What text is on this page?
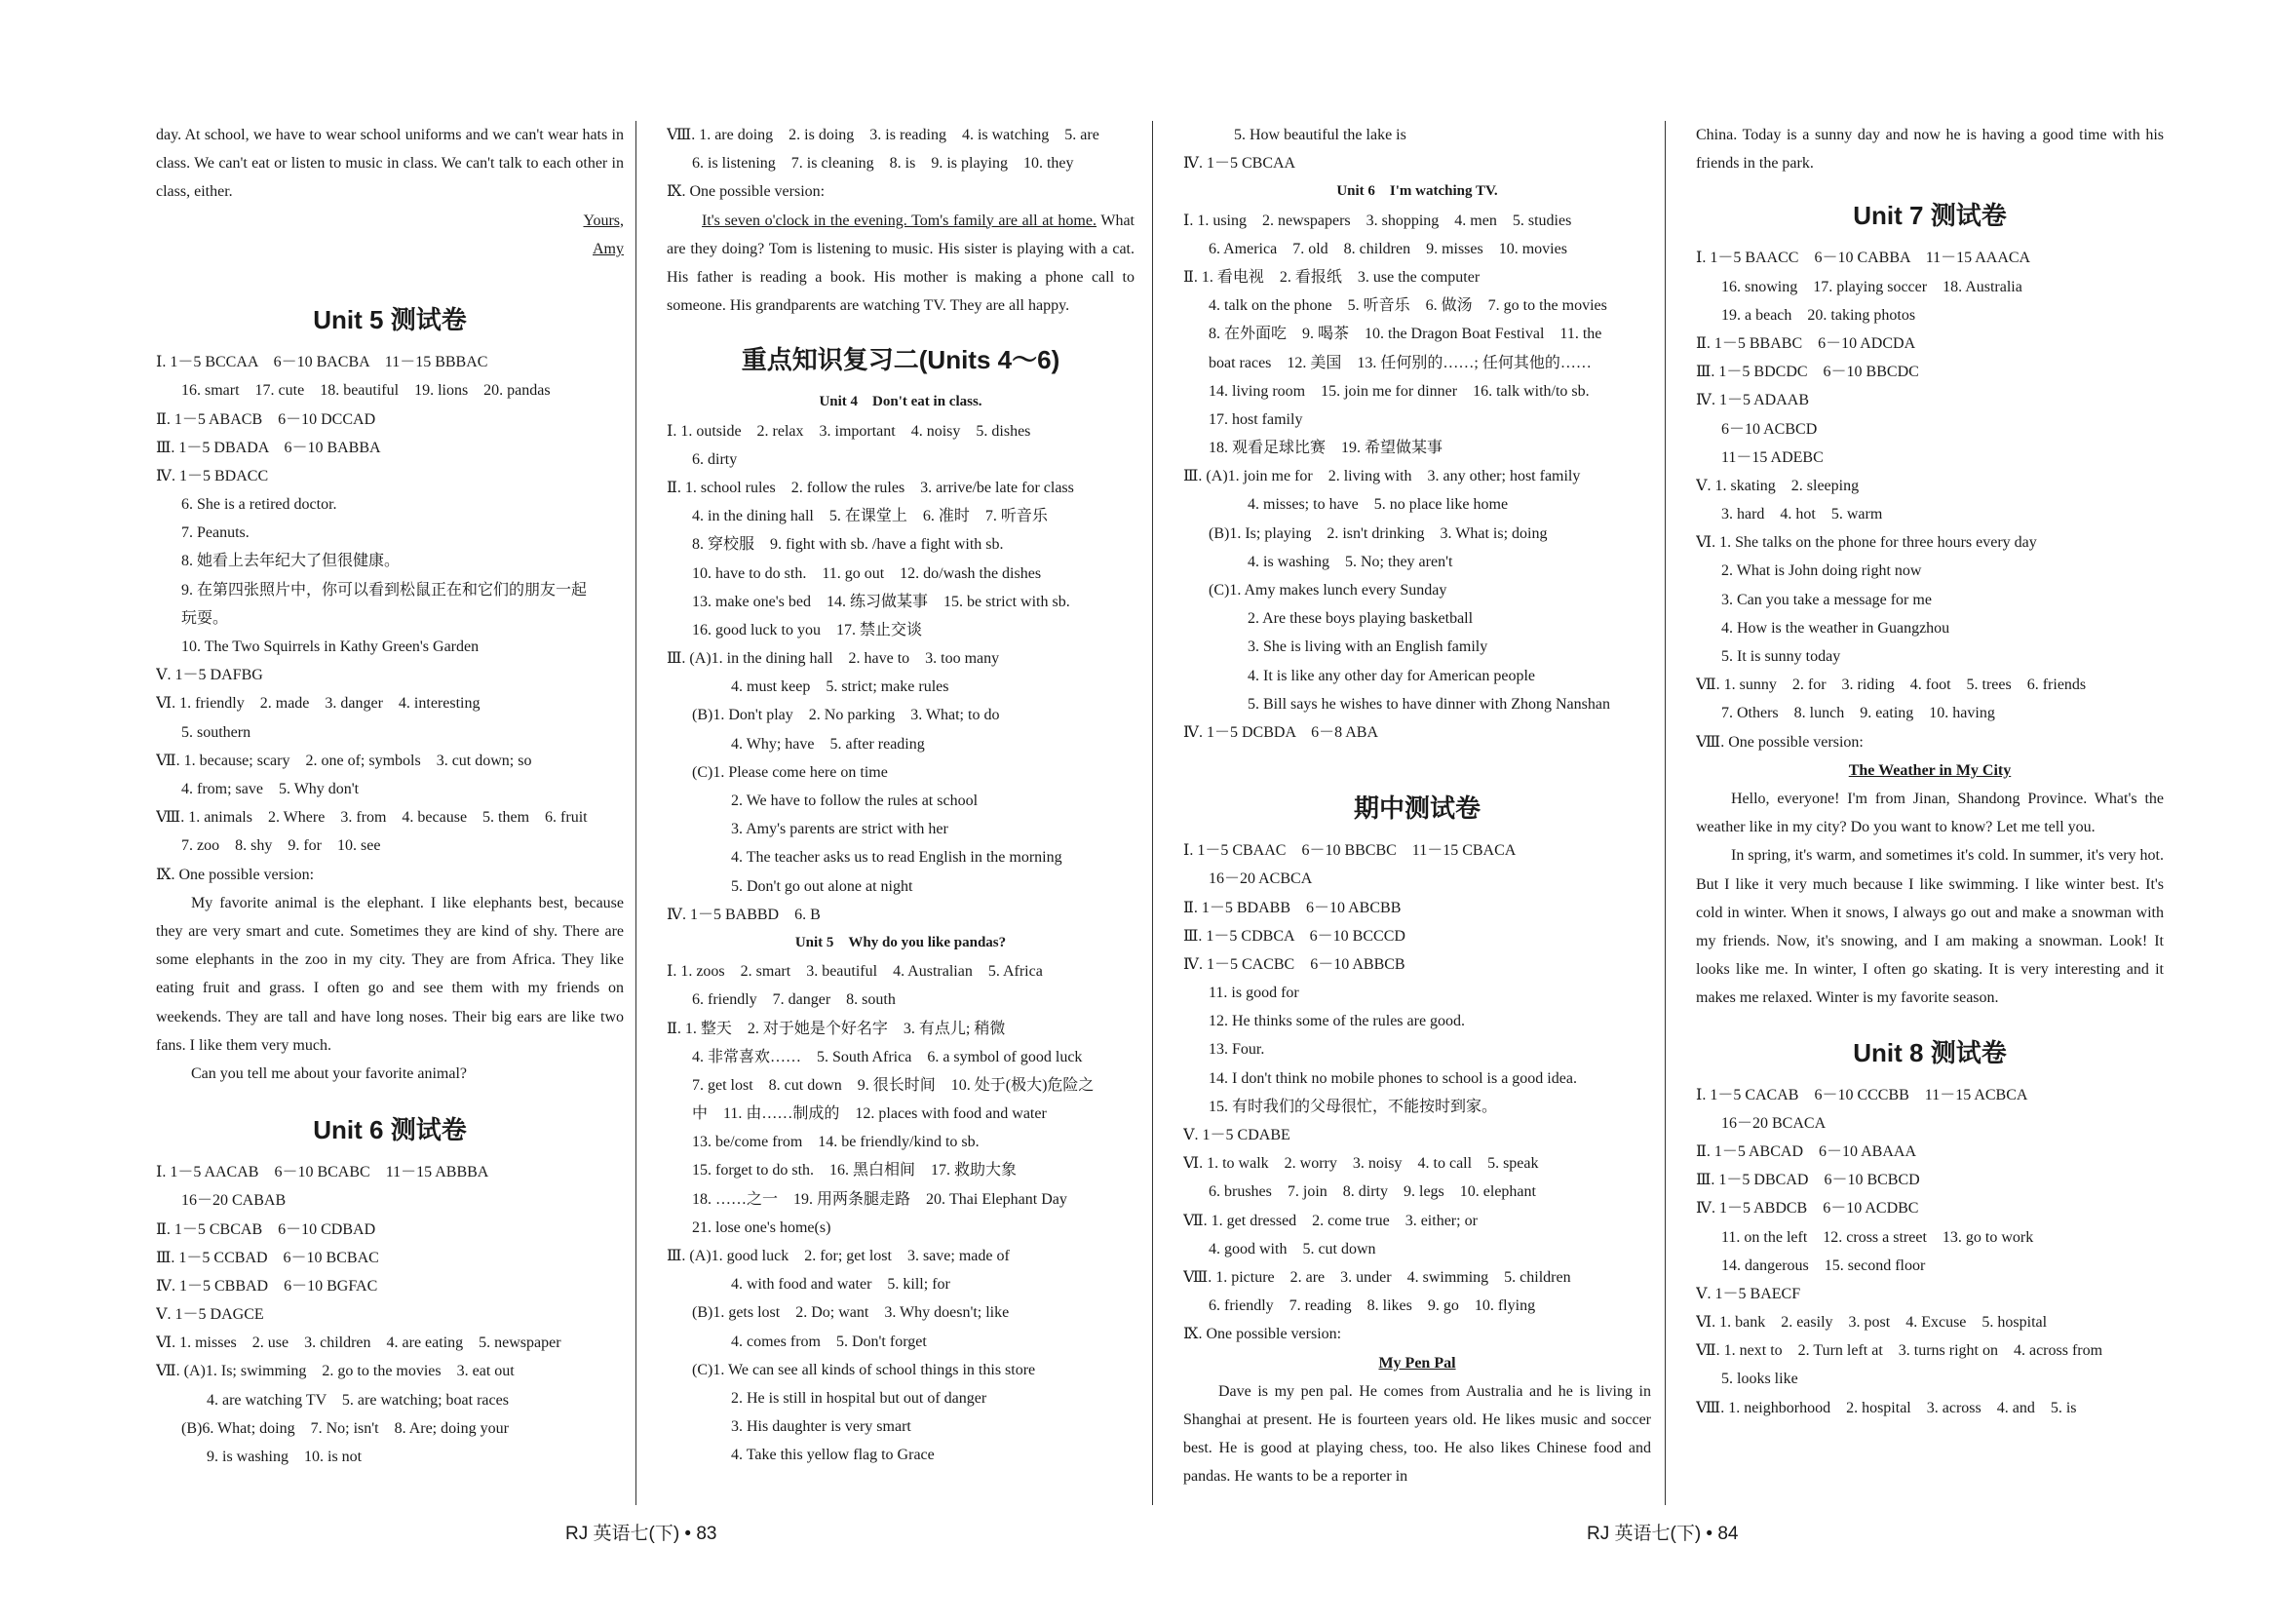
day. At school, we have to wear school uniforms and we can't wear hats in class. We can't eat or listen to music in class. We can't talk to each other in class, either.
Yours,
Amy
Unit 5 测试卷
Ⅰ. 1－5 BCCAA　6－10 BACBA　11－15 BBBAC
16. smart　17. cute　18. beautiful　19. lions　20. pandas
Ⅱ. 1－5 ABACB　6－10 DCCAD
Ⅲ. 1－5 DBADA　6－10 BABBA
Ⅳ. 1－5 BDACC
6. She is a retired doctor.
7. Peanuts.
8. 她看上去年纪大了但很健康。
9. 在第四张照片中，你可以看到松鼠正在和它们的朋友一起
玩耍。
10. The Two Squirrels in Kathy Green's Garden
Ⅴ. 1－5 DAFBG
Ⅵ. 1. friendly　2. made　3. danger　4. interesting
5. southern
Ⅶ. 1. because; scary　2. one of; symbols　3. cut down; so
4. from; save　5. Why don't
Ⅷ. 1. animals　2. Where　3. from　4. because　5. them　6. fruit
7. zoo　8. shy　9. for　10. see
Ⅸ. One possible version:
My favorite animal is the elephant. I like elephants best, because they are very smart and cute. Sometimes they are kind of shy. There are some elephants in the zoo in my city. They are from Africa. They like eating fruit and grass. I often go and see them with my friends on weekends. They are tall and have long noses. Their big ears are like two fans. I like them very much.
Can you tell me about your favorite animal?
Unit 6 测试卷
Ⅰ. 1－5 AACAB　6－10 BCABC　11－15 ABBBA
16－20 CABAB
Ⅱ. 1－5 CBCAB　6－10 CDBAD
Ⅲ. 1－5 CCBAD　6－10 BCBAC
Ⅳ. 1－5 CBBAD　6－10 BGFAC
Ⅴ. 1－5 DAGCE
Ⅵ. 1. misses　2. use　3. children　4. are eating　5. newspaper
Ⅶ. (A)1. Is; swimming　2. go to the movies　3. eat out
4. are watching TV　5. are watching; boat races
(B)6. What; doing　7. No; isn't　8. Are; doing your
9. is washing　10. is not
Ⅷ. 1. are doing　2. is doing　3. is reading　4. is watching　5. are
6. is listening　7. is cleaning　8. is　9. is playing　10. they
Ⅸ. One possible version:
It's seven o'clock in the evening. Tom's family are all at home. What are they doing? Tom is listening to music. His sister is playing with a cat. His father is reading a book. His mother is making a phone call to someone. His grandparents are watching TV. They are all happy.
重点知识复习二(Units 4～6)
Unit 4　Don't eat in class.
Ⅰ. 1. outside　2. relax　3. important　4. noisy　5. dishes
6. dirty
Ⅱ. 1. school rules　2. follow the rules　3. arrive/be late for class
4. in the dining hall　5. 在课堂上　6. 准时　7. 听音乐
8. 穿校服　9. fight with sb. /have a fight with sb.
10. have to do sth.　11. go out　12. do/wash the dishes
13. make one's bed　14. 练习做某事　15. be strict with sb.
16. good luck to you　17. 禁止交谈
Ⅲ. (A)1. in the dining hall　2. have to　3. too many
4. must keep　5. strict; make rules
(B)1. Don't play　2. No parking　3. What; to do
4. Why; have　5. after reading
(C)1. Please come here on time
2. We have to follow the rules at school
3. Amy's parents are strict with her
4. The teacher asks us to read English in the morning
5. Don't go out alone at night
Ⅳ. 1－5 BABBD　6. B
Unit 5　Why do you like pandas?
Ⅰ. 1. zoos　2. smart　3. beautiful　4. Australian　5. Africa
6. friendly　7. danger　8. south
Ⅱ. 1. 整天　2. 对于她是个好名字　3. 有点儿; 稍微
4. 非常喜欢……　5. South Africa　6. a symbol of good luck
7. get lost　8. cut down　9. 很长时间　10. 处于(极大)危险之
中　11. 由……制成的　12. places with food and water
13. be/come from　14. be friendly/kind to sb.
15. forget to do sth.　16. 黑白相间　17. 救助大象
18. ……之一　19. 用两条腿走路　20. Thai Elephant Day
21. lose one's home(s)
Ⅲ. (A)1. good luck　2. for; get lost　3. save; made of
4. with food and water　5. kill; for
(B)1. gets lost　2. Do; want　3. Why doesn't; like
4. comes from　5. Don't forget
(C)1. We can see all kinds of school things in this store
2. He is still in hospital but out of danger
3. His daughter is very smart
4. Take this yellow flag to Grace
5. How beautiful the lake is
Ⅳ. 1－5 CBCAA
Unit 6　I'm watching TV.
Ⅰ. 1. using　2. newspapers　3. shopping　4. men　5. studies
6. America　7. old　8. children　9. misses　10. movies
Ⅱ. 1. 看电视　2. 看报纸　3. use the computer
4. talk on the phone　5. 听音乐　6. 做汤　7. go to the movies
8. 在外面吃　9. 喝茶　10. the Dragon Boat Festival　11. the
boat races　12. 美国　13. 任何别的……; 任何其他的……
14. living room　15. join me for dinner　16. talk with/to sb.
17. host family
18. 观看足球比赛　19. 希望做某事
Ⅲ. (A)1. join me for　2. living with　3. any other; host family
4. misses; to have　5. no place like home
(B)1. Is; playing　2. isn't drinking　3. What is; doing
4. is washing　5. No; they aren't
(C)1. Amy makes lunch every Sunday
2. Are these boys playing basketball
3. She is living with an English family
4. It is like any other day for American people
5. Bill says he wishes to have dinner with Zhong Nanshan
Ⅳ. 1－5 DCBDA　6－8 ABA
期中测试卷
Ⅰ. 1－5 CBAAC　6－10 BBCBC　11－15 CBACA
16－20 ACBCA
Ⅱ. 1－5 BDABB　6－10 ABCBB
Ⅲ. 1－5 CDBCA　6－10 BCCCD
Ⅳ. 1－5 CACBC　6－10 ABBCB
11. is good for
12. He thinks some of the rules are good.
13. Four.
14. I don't think no mobile phones to school is a good idea.
15. 有时我们的父母很忙，不能按时到家。
Ⅴ. 1－5 CDABE
Ⅵ. 1. to walk　2. worry　3. noisy　4. to call　5. speak
6. brushes　7. join　8. dirty　9. legs　10. elephant
Ⅶ. 1. get dressed　2. come true　3. either; or
4. good with　5. cut down
Ⅷ. 1. picture　2. are　3. under　4. swimming　5. children
6. friendly　7. reading　8. likes　9. go　10. flying
Ⅸ. One possible version:
My Pen Pal
Dave is my pen pal. He comes from Australia and he is living in Shanghai at present. He is fourteen years old. He likes music and soccer best. He is good at playing chess, too. He also likes Chinese food and pandas. He wants to be a reporter in
China. Today is a sunny day and now he is having a good time with his friends in the park.
Unit 7 测试卷
Ⅰ. 1－5 BAACC　6－10 CABBA　11－15 AAACA
16. snowing　17. playing soccer　18. Australia
19. a beach　20. taking photos
Ⅱ. 1－5 BBABC　6－10 ADCDA
Ⅲ. 1－5 BDCDC　6－10 BBCDC
Ⅳ. 1－5 ADAAB
6－10 ACBCD
11－15 ADEBC
Ⅴ. 1. skating　2. sleeping
3. hard　4. hot　5. warm
Ⅵ. 1. She talks on the phone for three hours every day
2. What is John doing right now
3. Can you take a message for me
4. How is the weather in Guangzhou
5. It is sunny today
Ⅶ. 1. sunny　2. for　3. riding　4. foot　5. trees　6. friends
7. Others　8. lunch　9. eating　10. having
Ⅷ. One possible version:
The Weather in My City
Hello, everyone! I'm from Jinan, Shandong Province. What's the weather like in my city? Do you want to know? Let me tell you.
In spring, it's warm, and sometimes it's cold. In summer, it's very hot. But I like it very much because I like swimming. I like winter best. It's cold in winter. When it snows, I always go out and make a snowman with my friends. Now, it's snowing, and I am making a snowman. Look! It looks like me. In winter, I often go skating. It is very interesting and it makes me relaxed. Winter is my favorite season.
Unit 8 测试卷
Ⅰ. 1－5 CACAB　6－10 CCCBB　11－15 ACBCA
16－20 BCACA
Ⅱ. 1－5 ABCAD　6－10 ABAAA
Ⅲ. 1－5 DBCAD　6－10 BCBCD
Ⅳ. 1－5 ABDCB　6－10 ACDBC
11. on the left　12. cross a street　13. go to work
14. dangerous　15. second floor
Ⅴ. 1－5 BAECF
Ⅵ. 1. bank　2. easily　3. post　4. Excuse　5. hospital
Ⅶ. 1. next to　2. Turn left at　3. turns right on　4. across from
5. looks like
Ⅷ. 1. neighborhood　2. hospital　3. across　4. and　5. is
RJ 英语七(下) • 83	RJ 英语七(下) • 84
